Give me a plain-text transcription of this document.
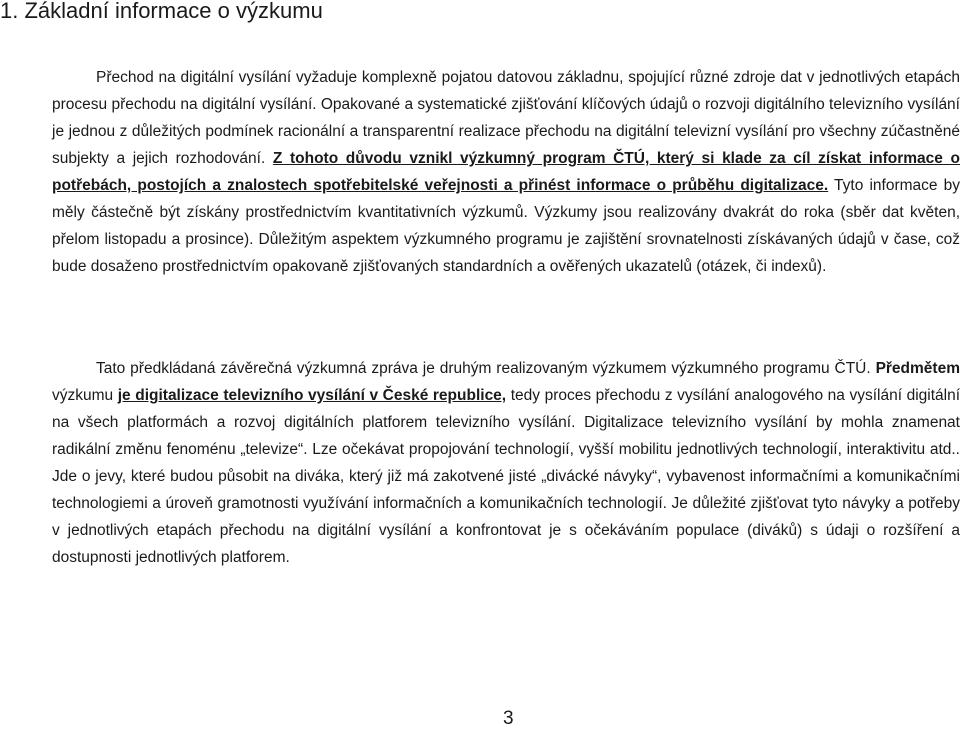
1. Základní informace o výzkumu

Přechod na digitální vysílání vyžaduje komplexně pojatou datovou základnu, spojující různé zdroje dat v jednotlivých etapách procesu přechodu na digitální vysílání. Opakované a systematické zjišťování klíčových údajů o rozvoji digitálního televizního vysílání je jednou z důležitých podmínek racionální a transparentní realizace přechodu na digitální televizní vysílání pro všechny zúčastněné subjekty a jejich rozhodování. Z tohoto důvodu vznikl výzkumný program ČTÚ, který si klade za cíl získat informace o potřebách, postojích a znalostech spotřebitelské veřejnosti a přinést informace o průběhu digitalizace. Tyto informace by měly částečně být získány prostřednictvím kvantitativních výzkumů. Výzkumy jsou realizovány dvakrát do roka (sběr dat květen, přelom listopadu a prosince). Důležitým aspektem výzkumného programu je zajištění srovnatelnosti získávaných údajů v čase, což bude dosaženo prostřednictvím opakovaně zjišťovaných standardních a ověřených ukazatelů (otázek, či indexů).

Tato předkládaná závěrečná výzkumná zpráva je druhým realizovaným výzkumem výzkumného programu ČTÚ. Předmětem výzkumu je digitalizace televizního vysílání v České republice, tedy proces přechodu z vysílání analogového na vysílání digitální na všech platformách a rozvoj digitálních platforem televizního vysílání. Digitalizace televizního vysílání by mohla znamenat radikální změnu fenoménu „televize“. Lze očekávat propojování technologií, vyšší mobilitu jednotlivých technologií, interaktivitu atd.. Jde o jevy, které budou působit na diváka, který již má zakotvené jisté „divácké návyky“, vybavenost informačními a komunikačními technologiemi a úroveň gramotnosti využívání informačních a komunikačních technologií. Je důležité zjišťovat tyto návyky a potřeby v jednotlivých etapách přechodu na digitální vysílání a konfrontovat je s očekáváním populace (diváků) s údaji o rozšíření a dostupnosti jednotlivých platforem.

3
